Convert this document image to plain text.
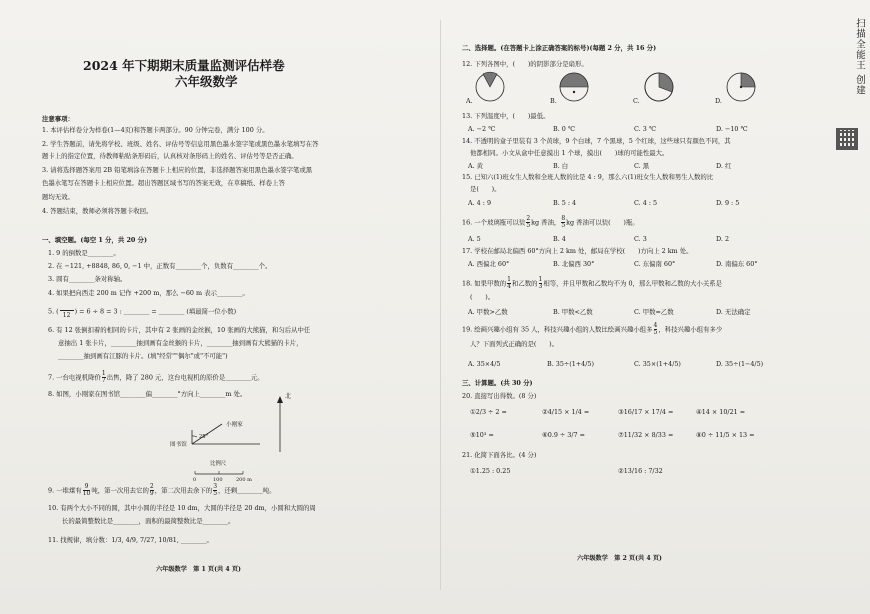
2024 年下期期末质量监测评估样卷
六年级数学
注意事项：
1. 本评估样卷分为样卷(1—4页)和答题卡两部分。90 分钟完卷，满分 100 分。
2. 学生答题前，请先将学校、班级、姓名、评估号等信息用黑色墨水签字笔或黑色墨水笔填写在答
题卡上的指定位置，待教师粘贴条形码后，认真核对条形码上的姓名、评估号等是否正确。
3. 请将选择题答案用 2B 铅笔填涂在答题卡上相应的位置，非选择题答案用黑色墨水签字笔或黑
色墨水笔写在答题卡上相应位置。超出答题区域书写的答案无效，在草稿纸、样卷上答
题均无效。
4. 答题结束，教师必须将答题卡收回。
一、填空题。(每空 1 分，共 20 分)
1. 9 的倒数是________。
2. 在 −121, +8848, 86, 0, −1 中，正数有________个，负数有________个。
3. 圆有________条对称轴。
4. 如果把向西走 200 m 记作 +200 m，那么 −60 m 表示________。
5. ( 12 ) = 6 ÷ 8 = 3 : ________ = ________ (填最简一位小数)
6. 有 12 张倒扣着的相同的卡片，其中有 2 张画的金丝猴，10 张画的大熊猫，和匀后从中任
意抽出 1 张卡片，________抽到画有金丝猴的卡片，________抽到画有大熊猫的卡片，
________抽到画有江豚的卡片。(填"经常""偶尔"或"不可能")
7. 一台电视机降价 $\frac{1}{7}$ 出售，降了 280 元，这台电视机的原价是________元。
8. 如图，小刚家在图书馆________偏________°方向上________m 处。	北
小刚家
图书馆
25°
比例尺
0	100	200 m
9. 一堆煤有 $\frac{9}{10}$ 吨，第一次用去它的 $\frac{2}{9}$ ，第二次用去余下的 $\frac{3}{5}$ ，还剩________吨。
10. 有两个大小不同的圆，其中小圆的半径是 10 dm，大圆的半径是 20 dm，小圆和大圆的周
长的最简整数比是________，面积的最简整数比是________。
11. 找规律，填分数：1/3, 4/9, 7/27, 10/81, ________。
六年级数学　第 1 页(共 4 页)
二、选择题。(在答题卡上涂正确答案的标号)(每题 2 分，共 16 分)
12. 下列各图中，(　　)的阴影部分是扇形。
A.	B.	C.	D.
13. 下列温度中，(　　)最低。
A. −2 ℃	B. 0 ℃	C. 3 ℃	D. −10 ℃
14. 不透明的盒子里装有 3 个黄球，9 个白球，7 个黑球，5 个红球，这些球只有颜色不同，其
他都相同。小文从盒中任意摸出 1 个球，摸出(　　)球的可能性最大。
A. 黄	B. 白	C. 黑	D. 红
15. 已知六(1)班女生人数和全班人数的比是 4 : 9，那么六(1)班女生人数和男生人数的比
是(　　)。
A. 4 : 9	B. 5 : 4	C. 4 : 5	D. 9 : 5
16. 一个玻璃瓶可以装 $\frac{2}{5}$ kg 香油， $\frac{8}{5}$ kg 香油可以装(　　)瓶。
A. 5	B. 4	C. 3	D. 2
17. 学校在邮局北偏西 60°方向上 2 km 处，邮局在学校(　　)方向上 2 km 处。
A. 西偏北 60°	B. 北偏西 30°	C. 东偏南 60°	D. 南偏东 60°
18. 如果甲数的 $\frac{1}{4}$ 和乙数的 $\frac{1}{3}$ 相等，并且甲数和乙数均不为 0，那么甲数和乙数的大小关系是
(　　)。
A. 甲数>乙数	B. 甲数<乙数	C. 甲数=乙数	D. 无法确定
19. 绘画兴趣小组有 35 人，科技兴趣小组的人数比绘画兴趣小组多 $\frac{4}{5}$ ，科技兴趣小组有多少
人？下面列式正确的是(　　)。
A. 35×4/5	B. 35÷(1+4/5)	C. 35×(1+4/5)	D. 35÷(1−4/5)
三、计算题。(共 30 分)
20. 直接写出得数。(8 分)
①2/3 ÷ 2 =	②4/15 × 1/4 =	③16/17 × 17/4 =	④14 × 10/21 =
⑤10³ =	⑥0.9 ÷ 3/7 =	⑦11/32 × 8/33 =	⑧0 ÷ 11/5 × 13 =
21. 化简下面各比。(4 分)
①1.25 : 0.25	②13/16 : 7/32
六年级数学　第 2 页(共 4 页)
扫描全能王 创建
